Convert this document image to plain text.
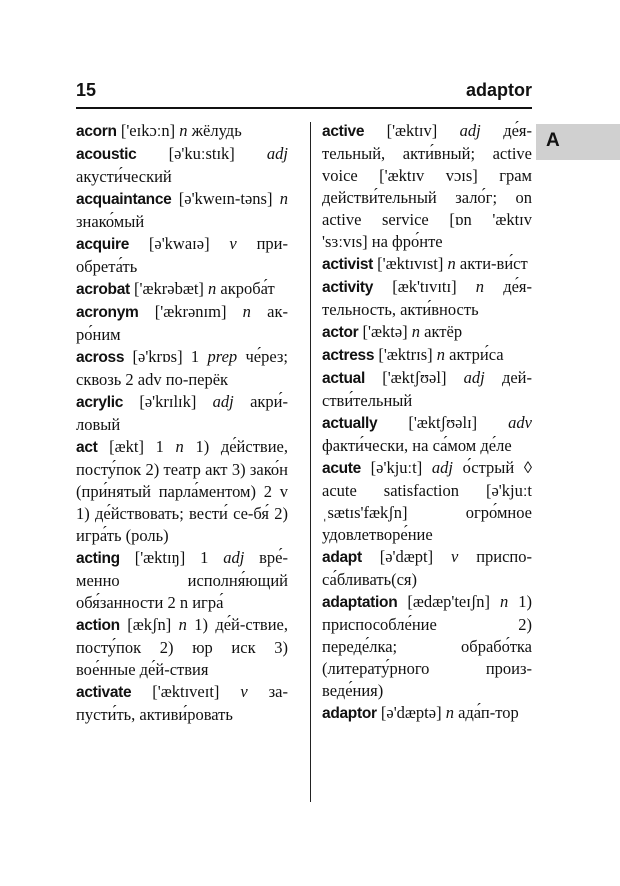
15	adaptor
A

acorn ['eɪkɔːn] n жёлудь

acoustic [ə'kuːstɪk] adj акусти́ческий

acquaintance [ə'kweɪn-təns] n знако́мый

acquire [ə'kwaɪə] v при-обрета́ть

acrobat ['ækrəbæt] n акроба́т

acronym ['ækrənɪm] n ак-ро́ним

across [ə'krɒs] 1 prep че́рез; сквозь 2 adv по-перёк

acrylic [ə'krɪlɪk] adj акри́-ловый

act [ækt] 1 n 1) де́йствие, посту́пок 2) театр акт 3) зако́н (при́нятый парла́ментом) 2 v 1) де́йствовать; вести́ се-бя́ 2) игра́ть (роль)

acting ['æktɪŋ] 1 adj вре́-менно исполня́ющий обя́занности 2 n игра́

action [ækʃn] n 1) де́й-ствие, посту́пок 2) юр иск 3) вое́нные де́й-ствия

activate ['æktɪveɪt] v за-пусти́ть, активи́ровать

active ['æktɪv] adj де́я-тельный, акти́вный; active voice ['æktɪv vɔɪs] грам действи́тельный зало́г; on active service [ɒn 'æktɪv 'sɜːvɪs] на фро́нте

activist ['æktɪvɪst] n акти-ви́ст

activity [æk'tɪvɪtɪ] n де́я-тельность, акти́вность

actor ['æktə] n актёр

actress ['æktrɪs] n актри́са

actual ['æktʃʊəl] adj дей-стви́тельный

actually ['æktʃʊəlɪ] adv факти́чески, на са́мом де́ле

acute [ə'kjuːt] adj о́стрый ◊ acute satisfaction [ə'kjuːt ˌsætɪs'fækʃn] огро́мное удовлетворе́ние

adapt [ə'dæpt] v приспо-са́бливать(ся)

adaptation [ædæp'teɪʃn] n 1) приспособле́ние 2) переде́лка; обрабо́тка (литерату́рного произ-веде́ния)

adaptor [ə'dæptə] n ада́п-тор
